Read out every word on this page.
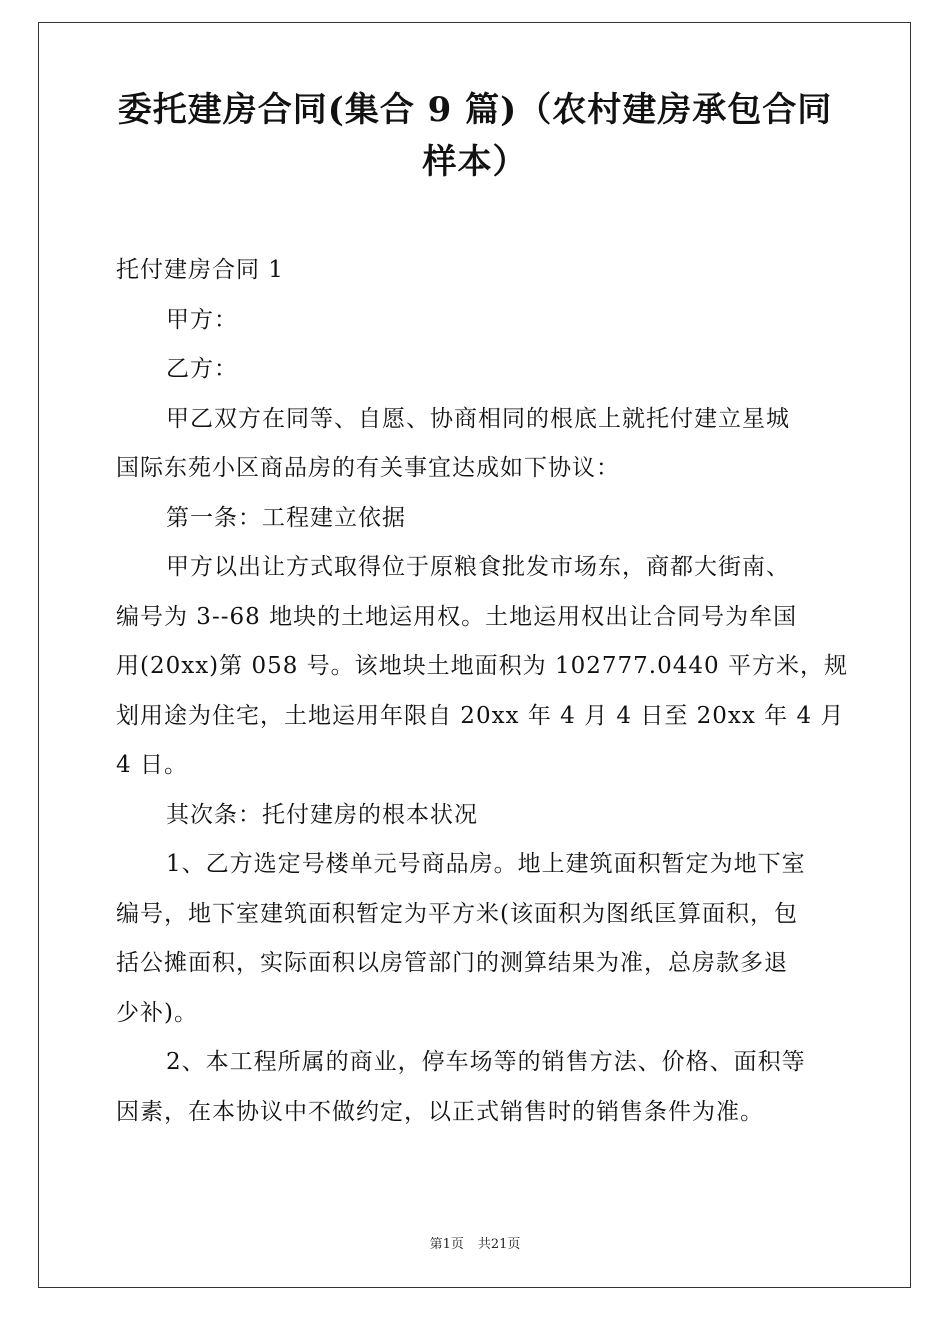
委托建房合同(集合 9 篇)（农村建房承包合同
样本）

托付建房合同 1

甲方：

乙方：

甲乙双方在同等、自愿、协商相同的根底上就托付建立星城

国际东苑小区商品房的有关事宜达成如下协议：

第一条：工程建立依据

甲方以出让方式取得位于原粮食批发市场东，商都大街南、

编号为 3--68 地块的土地运用权。土地运用权出让合同号为牟国

用(20xx)第 058 号。该地块土地面积为 102777.0440 平方米，规

划用途为住宅，土地运用年限自 20xx 年 4 月 4 日至 20xx 年 4 月

4 日。

其次条：托付建房的根本状况

1、乙方选定号楼单元号商品房。地上建筑面积暂定为地下室

编号，地下室建筑面积暂定为平方米(该面积为图纸匡算面积，包

括公摊面积，实际面积以房管部门的测算结果为准，总房款多退

少补)。

2、本工程所属的商业，停车场等的销售方法、价格、面积等

因素，在本协议中不做约定，以正式销售时的销售条件为准。

第1页 共21页
